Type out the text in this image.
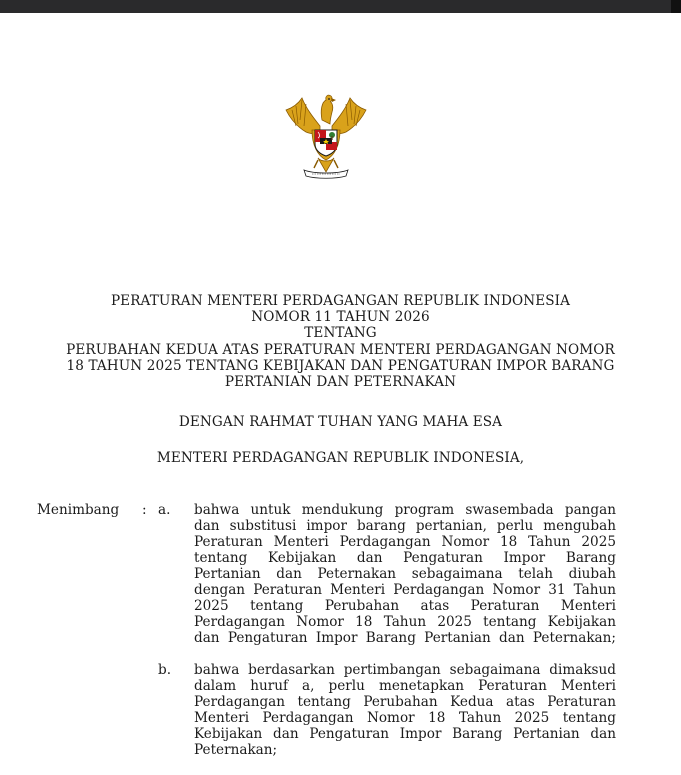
PERATURAN MENTERI PERDAGANGAN REPUBLIK INDONESIA
NOMOR 11 TAHUN 2026
TENTANG
PERUBAHAN KEDUA ATAS PERATURAN MENTERI PERDAGANGAN NOMOR
18 TAHUN 2025 TENTANG KEBIJAKAN DAN PENGATURAN IMPOR BARANG
PERTANIAN DAN PETERNAKAN
DENGAN RAHMAT TUHAN YANG MAHA ESA
MENTERI PERDAGANGAN REPUBLIK INDONESIA,
Menimbang : a. bahwa untuk mendukung program swasembada pangan
dan substitusi impor barang pertanian, perlu mengubah
Peraturan Menteri Perdagangan Nomor 18 Tahun 2025
tentang Kebijakan dan Pengaturan Impor Barang
Pertanian dan Peternakan sebagaimana telah diubah
dengan Peraturan Menteri Perdagangan Nomor 31 Tahun
2025 tentang Perubahan atas Peraturan Menteri
Perdagangan Nomor 18 Tahun 2025 tentang Kebijakan
dan Pengaturan Impor Barang Pertanian dan Peternakan;
b. bahwa berdasarkan pertimbangan sebagaimana dimaksud
dalam huruf a, perlu menetapkan Peraturan Menteri
Perdagangan tentang Perubahan Kedua atas Peraturan
Menteri Perdagangan Nomor 18 Tahun 2025 tentang
Kebijakan dan Pengaturan Impor Barang Pertanian dan
Peternakan;
